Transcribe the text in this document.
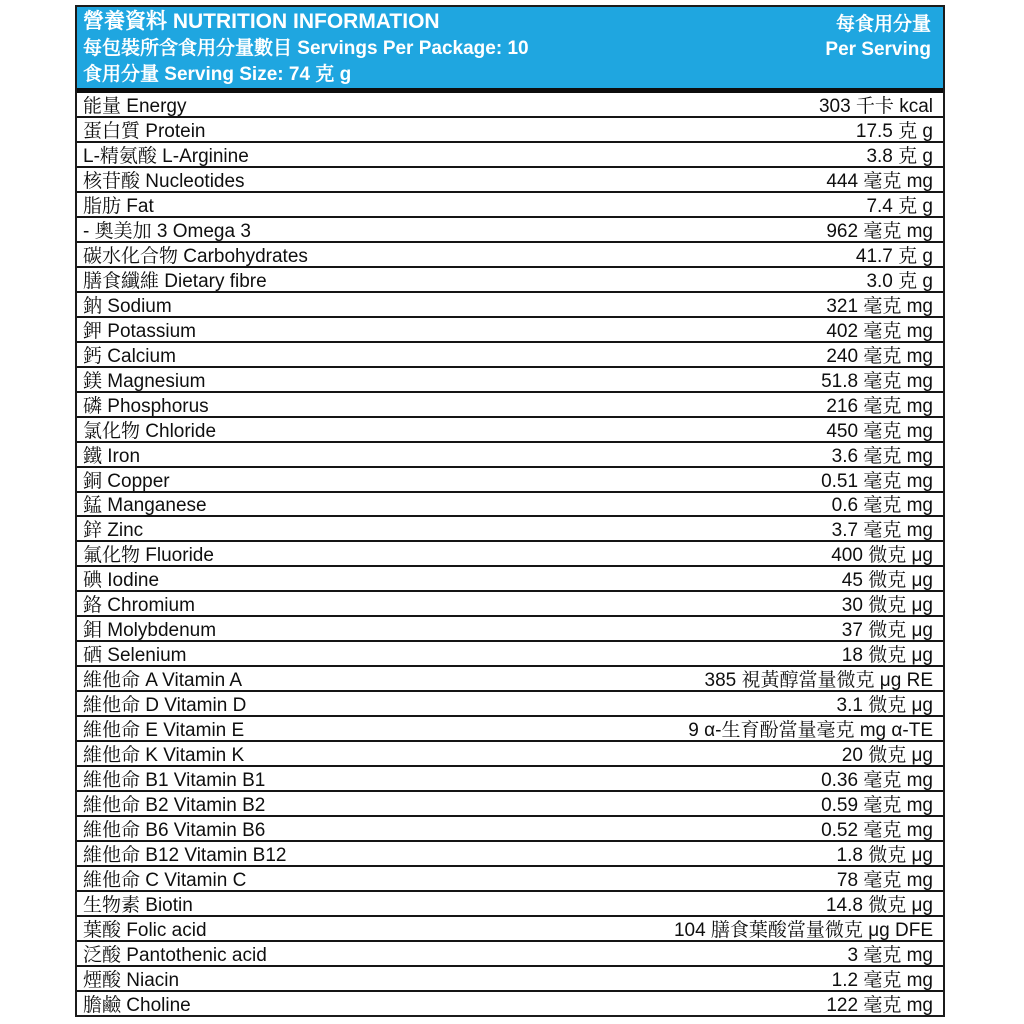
營養資料 NUTRITION INFORMATION
每包裝所含食用分量數目 Servings Per Package: 10
食用分量 Serving Size: 74 克 g
每食用分量
Per Serving
能量 Energy	303 千卡 kcal
蛋白質 Protein	17.5 克 g
L-精氨酸 L-Arginine	3.8 克 g
核苷酸 Nucleotides	444 毫克 mg
脂肪 Fat	7.4 克 g
- 奧美加 3 Omega 3	962 毫克 mg
碳水化合物 Carbohydrates	41.7 克 g
膳食纖維 Dietary fibre	3.0 克 g
鈉 Sodium	321 毫克 mg
鉀 Potassium	402 毫克 mg
鈣 Calcium	240 毫克 mg
鎂 Magnesium	51.8 毫克 mg
磷 Phosphorus	216 毫克 mg
氯化物 Chloride	450 毫克 mg
鐵 Iron	3.6 毫克 mg
銅 Copper	0.51 毫克 mg
錳 Manganese	0.6 毫克 mg
鋅 Zinc	3.7 毫克 mg
氟化物 Fluoride	400 微克 μg
碘 Iodine	45 微克 μg
鉻 Chromium	30 微克 μg
鉬 Molybdenum	37 微克 μg
硒 Selenium	18 微克 μg
維他命 A Vitamin A	385 視黃醇當量微克 μg RE
維他命 D Vitamin D	3.1 微克 μg
維他命 E Vitamin E	9 α-生育酚當量毫克 mg α-TE
維他命 K Vitamin K	20 微克 μg
維他命 B1 Vitamin B1	0.36 毫克 mg
維他命 B2 Vitamin B2	0.59 毫克 mg
維他命 B6 Vitamin B6	0.52 毫克 mg
維他命 B12 Vitamin B12	1.8 微克 μg
維他命 C Vitamin C	78 毫克 mg
生物素 Biotin	14.8 微克 μg
葉酸 Folic acid	104 膳食葉酸當量微克 μg DFE
泛酸 Pantothenic acid	3 毫克 mg
煙酸 Niacin	1.2 毫克 mg
膽鹼 Choline	122 毫克 mg
